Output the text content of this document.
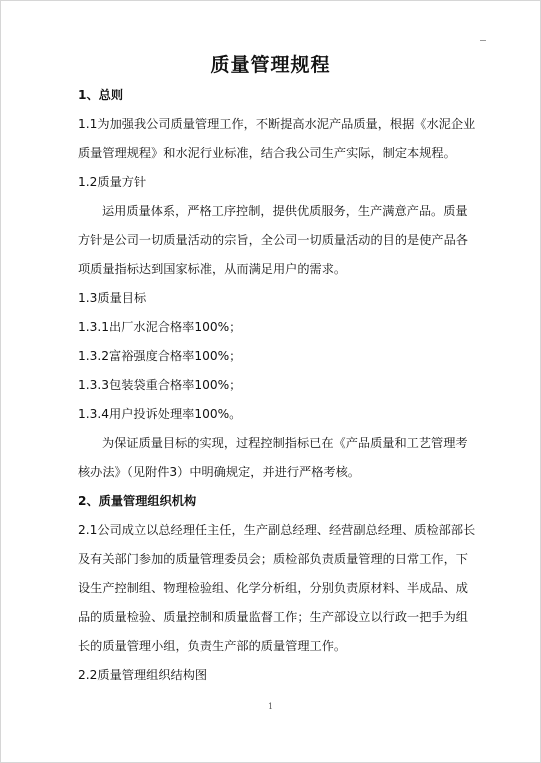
质量管理规程

1、总则

1.1为加强我公司质量管理工作，不断提高水泥产品质量，根据《水泥企业

质量管理规程》和水泥行业标准，结合我公司生产实际，制定本规程。

1.2质量方针

运用质量体系，严格工序控制，提供优质服务，生产满意产品。质量

方针是公司一切质量活动的宗旨，全公司一切质量活动的目的是使产品各

项质量指标达到国家标准，从而满足用户的需求。

1.3质量目标

1.3.1出厂水泥合格率100%；

1.3.2富裕强度合格率100%；

1.3.3包装袋重合格率100%；

1.3.4用户投诉处理率100%。

为保证质量目标的实现，过程控制指标已在《产品质量和工艺管理考

核办法》（见附件3）中明确规定，并进行严格考核。

2、质量管理组织机构

2.1公司成立以总经理任主任，生产副总经理、经营副总经理、质检部部长

及有关部门参加的质量管理委员会；质检部负责质量管理的日常工作，下

设生产控制组、物理检验组、化学分析组，分别负责原材料、半成品、成

品的质量检验、质量控制和质量监督工作；生产部设立以行政一把手为组

长的质量管理小组，负责生产部的质量管理工作。

2.2质量管理组织结构图

1
